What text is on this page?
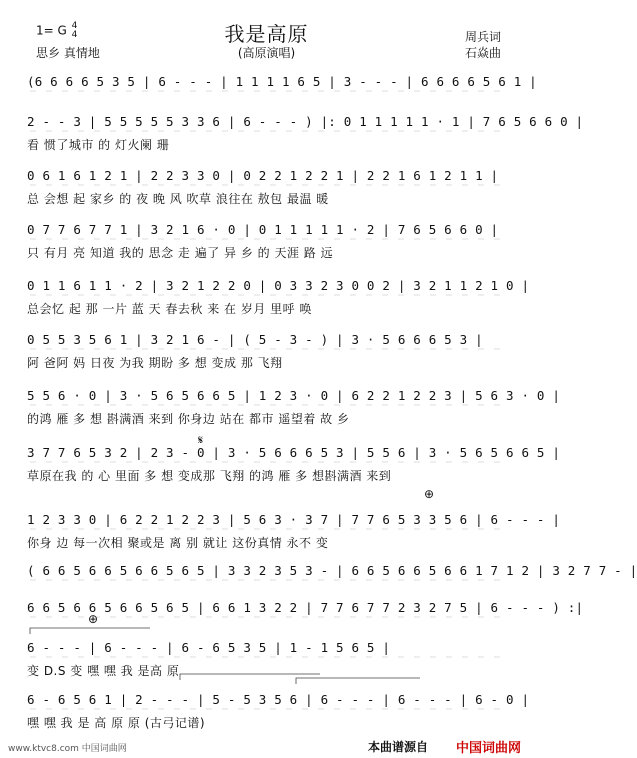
1= G 4
4	我是高原
(高原演唱)
思乡 真情地
周兵词
石焱曲
(6 6 6 6 5 3 5 | 6 - - - | 1 1 1 1 6 5 | 3 - - - | 6 6 6 6 5 6 1 |
2 - - 3 | 5 5 5 5 5 3 3 6 | 6 - - - ) |: 0 1 1 1 1 1 · 1 | 7 6 5 6 6 0 |
看 惯了城市 的 灯火阑 珊
0 6 1 6 1 2 1 | 2 2 3 3 0 | 0 2 2 1 2 2 1 | 2 2 1 6 1 2 1 1 |
总 会想 起 家乡 的 夜 晚 风 吹草 浪往在 敖包 最温 暖
0 7 7 6 7 7 1 | 3 2 1 6 · 0 | 0 1 1 1 1 1 · 2 | 7 6 5 6 6 0 |
只 有月 亮 知道 我的 思念 走 遍了 异 乡 的 天涯 路 远
0 1 1 6 1 1 · 2 | 3 2 1 2 2 0 | 0 3 3 2 3 0 0 2 | 3 2 1 1 2 1 0 |
总会忆 起 那 一片 蓝 天 春去秋 来 在 岁月 里呼 唤
0 5 5 3 5 6 1 | 3 2 1 6 - | ( 5 - 3 - ) | 3 · 5 6 6 6 5 3 |
阿 爸阿 妈 日夜 为我 期盼 多 想 变成 那 飞翔
5 5 6 · 0 | 3 · 5 6 5 6 6 5 | 1 2 3 · 0 | 6 2 2 1 2 2 3 | 5 6 3 · 0 |
的鸿 雁 多 想 斟满酒 来到 你身边 站在 都市 遥望着 故 乡
3 7 7 6 5 3 2 | 2 3 - 0 | 3 · 5 6 6 6 5 3 | 5 5 6 | 3 · 5 6 5 6 6 5 |
草原在我 的 心 里面 多 想 变成那 飞翔 的鸿 雁 多 想斟满酒 来到
1 2 3 3 0 | 6 2 2 1 2 2 3 | 5 6 3 · 3 7 | 7 7 6 5 3 3 5 6 | 6 - - - |
你身 边 每一次相 聚或是 离 别 就让 这份真情 永不 变
( 6 6 5 6 6 5 6 6 5 6 5 | 3 3 2 3 5 3 - | 6 6 5 6 6 5 6 6 1 7 1 2 | 3 2 7 7 - |
6 6 5 6 6 5 6 6 5 6 5 | 6 6 1 3 2 2 | 7 7 6 7 7 2 3 2 7 5 | 6 - - - ) :|
6 - - - | 6 - - - | 6 - 6 5 3 5 | 1 - 1 5 6 5 |
变 D.S 变 嘿 嘿 我 是高 原
6 - 6 5 6 1 | 2 - - - | 5 - 5 3 5 6 | 6 - - - | 6 - - - | 6 - 0 |
嘿 嘿 我 是 高 原 原 (古弓记谱)
𝄋
⊕
⊕
www.ktvc8.com 中国词曲网	本曲谱源自 中国词曲网
